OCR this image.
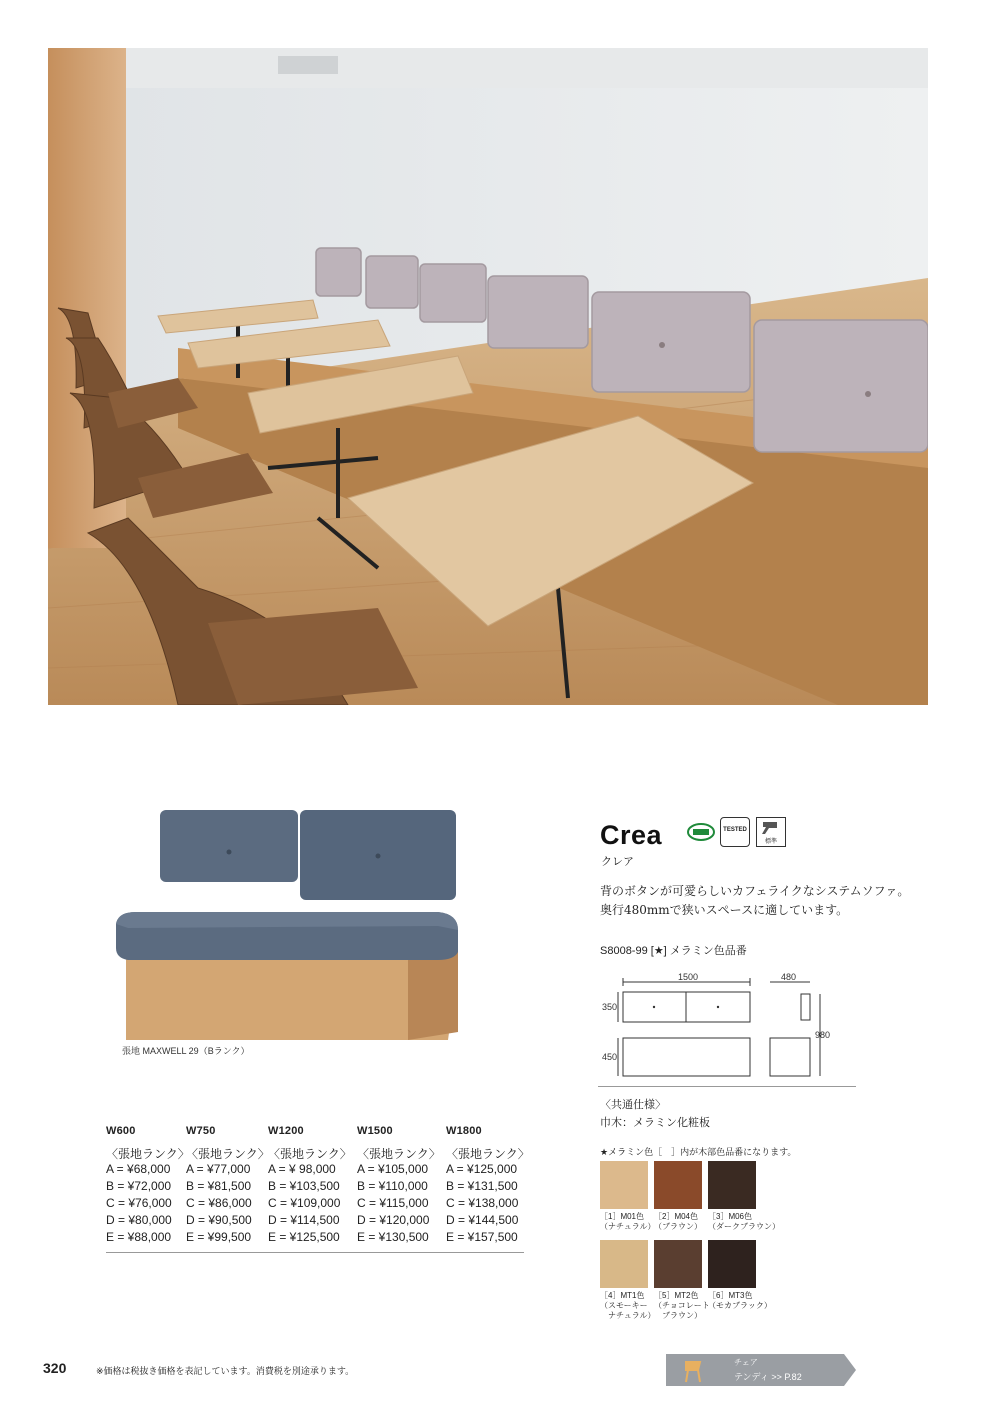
張地 MAXWELL 29（Bランク）
W600
〈張地ランク〉
A = ¥68,000
B = ¥72,000
C = ¥76,000
D = ¥80,000
E = ¥88,000
W750
〈張地ランク〉
A = ¥77,000
B = ¥81,500
C = ¥86,000
D = ¥90,500
E = ¥99,500
W1200
〈張地ランク〉
A = ¥ 98,000
B = ¥103,500
C = ¥109,000
D = ¥114,500
E = ¥125,500
W1500
〈張地ランク〉
A = ¥105,000
B = ¥110,000
C = ¥115,000
D = ¥120,000
E = ¥130,500
W1800
〈張地ランク〉
A = ¥125,000
B = ¥131,500
C = ¥138,000
D = ¥144,500
E = ¥157,500
Crea
クレア
TESTED
標準
背のボタンが可愛らしいカフェライクなシステムソファ。
奥行480mmで狭いスペースに適しています。
S8008-99 [★] メラミン色品番
1500	480
350
450
980
〈共通仕様〉
巾木：メラミン化粧板
★メラミン色［　］内が木部色品番になります。
［1］M01色
（ナチュラル）
［2］M04色
（ブラウン）
［3］M06色
（ダークブラウン）
［4］MT1色
（スモーキー
　ナチュラル）
［5］MT2色
（チョコレート
　ブラウン）
［6］MT3色
（モカブラック）
320	※価格は税抜き価格を表記しています。消費税を別途承ります。
チェア
テンディ >> P.82
